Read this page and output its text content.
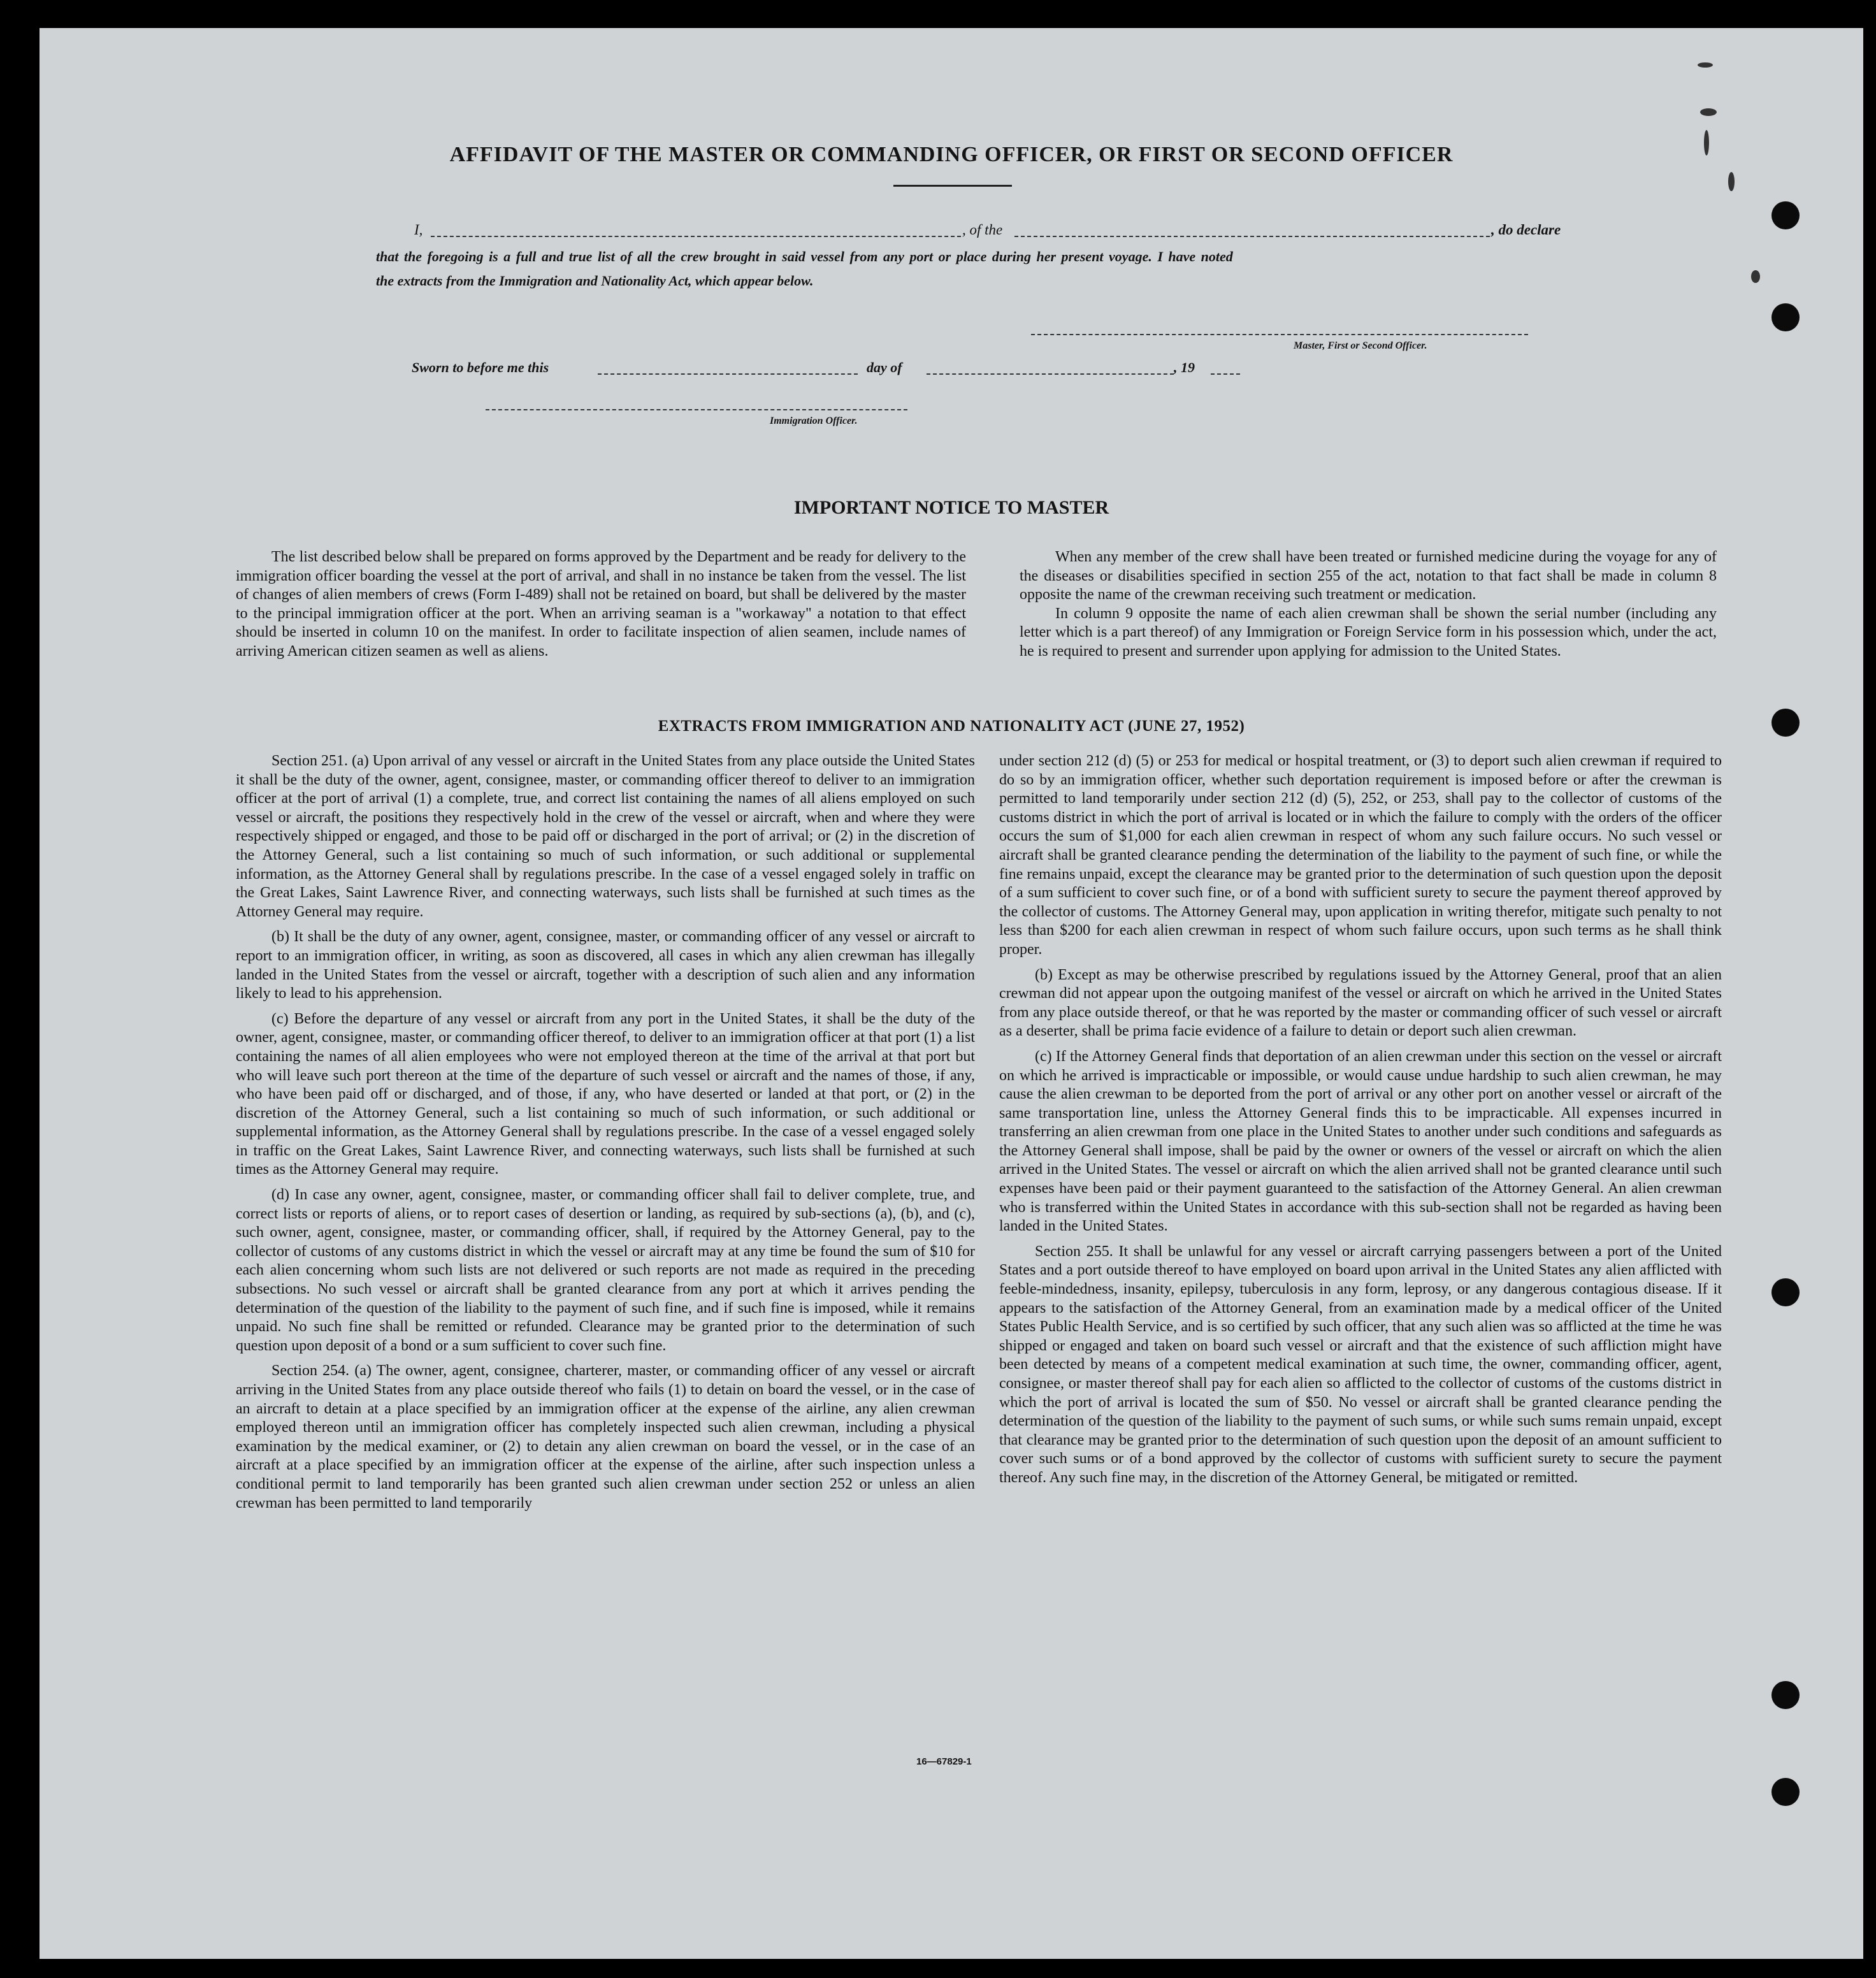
AFFIDAVIT OF THE MASTER OR COMMANDING OFFICER, OR FIRST OR SECOND OFFICER
I,	, of the	, do declare
that the foregoing is a full and true list of all the crew brought in said vessel from any port or place during her present voyage. I have noted
the extracts from the Immigration and Nationality Act, which appear below.
Master, First or Second Officer.
Sworn to before me this	day of	, 19
Immigration Officer.
IMPORTANT NOTICE TO MASTER

The list described below shall be prepared on forms approved by the Department and be ready for delivery to the immigration officer boarding the vessel at the port of arrival, and shall in no instance be taken from the vessel. The list of changes of alien members of crews (Form I-489) shall not be retained on board, but shall be delivered by the master to the principal immigration officer at the port. When an arriving seaman is a "workaway" a notation to that effect should be inserted in column 10 on the manifest. In order to facilitate inspection of alien seamen, include names of arriving American citizen seamen as well as aliens.

When any member of the crew shall have been treated or furnished medicine during the voyage for any of the diseases or disabilities specified in section 255 of the act, notation to that fact shall be made in column 8 opposite the name of the crewman receiving such treatment or medication.

In column 9 opposite the name of each alien crewman shall be shown the serial number (including any letter which is a part thereof) of any Immigration or Foreign Service form in his possession which, under the act, he is required to present and surrender upon applying for admission to the United States.

EXTRACTS FROM IMMIGRATION AND NATIONALITY ACT (JUNE 27, 1952)

Section 251. (a) Upon arrival of any vessel or aircraft in the United States from any place outside the United States it shall be the duty of the owner, agent, consignee, master, or commanding officer thereof to deliver to an immigration officer at the port of arrival (1) a complete, true, and correct list containing the names of all aliens employed on such vessel or aircraft, the positions they respectively hold in the crew of the vessel or aircraft, when and where they were respectively shipped or engaged, and those to be paid off or discharged in the port of arrival; or (2) in the discretion of the Attorney General, such a list containing so much of such information, or such additional or supplemental information, as the Attorney General shall by regulations prescribe. In the case of a vessel engaged solely in traffic on the Great Lakes, Saint Lawrence River, and connecting waterways, such lists shall be furnished at such times as the Attorney General may require.

(b) It shall be the duty of any owner, agent, consignee, master, or commanding officer of any vessel or aircraft to report to an immigration officer, in writing, as soon as discovered, all cases in which any alien crewman has illegally landed in the United States from the vessel or aircraft, together with a description of such alien and any information likely to lead to his apprehension.

(c) Before the departure of any vessel or aircraft from any port in the United States, it shall be the duty of the owner, agent, consignee, master, or commanding officer thereof, to deliver to an immigration officer at that port (1) a list containing the names of all alien employees who were not employed thereon at the time of the arrival at that port but who will leave such port thereon at the time of the departure of such vessel or aircraft and the names of those, if any, who have been paid off or discharged, and of those, if any, who have deserted or landed at that port, or (2) in the discretion of the Attorney General, such a list containing so much of such information, or such additional or supplemental information, as the Attorney General shall by regulations prescribe. In the case of a vessel engaged solely in traffic on the Great Lakes, Saint Lawrence River, and connecting waterways, such lists shall be furnished at such times as the Attorney General may require.

(d) In case any owner, agent, consignee, master, or commanding officer shall fail to deliver complete, true, and correct lists or reports of aliens, or to report cases of desertion or landing, as required by sub-sections (a), (b), and (c), such owner, agent, consignee, master, or commanding officer, shall, if required by the Attorney General, pay to the collector of customs of any customs district in which the vessel or aircraft may at any time be found the sum of $10 for each alien concerning whom such lists are not delivered or such reports are not made as required in the preceding subsections. No such vessel or aircraft shall be granted clearance from any port at which it arrives pending the determination of the question of the liability to the payment of such fine, and if such fine is imposed, while it remains unpaid. No such fine shall be remitted or refunded. Clearance may be granted prior to the determination of such question upon deposit of a bond or a sum sufficient to cover such fine.

Section 254. (a) The owner, agent, consignee, charterer, master, or commanding officer of any vessel or aircraft arriving in the United States from any place outside thereof who fails (1) to detain on board the vessel, or in the case of an aircraft to detain at a place specified by an immigration officer at the expense of the airline, any alien crewman employed thereon until an immigration officer has completely inspected such alien crewman, including a physical examination by the medical examiner, or (2) to detain any alien crewman on board the vessel, or in the case of an aircraft at a place specified by an immigration officer at the expense of the airline, after such inspection unless a conditional permit to land temporarily has been granted such alien crewman under section 252 or unless an alien crewman has been permitted to land temporarily

under section 212 (d) (5) or 253 for medical or hospital treatment, or (3) to deport such alien crewman if required to do so by an immigration officer, whether such deportation requirement is imposed before or after the crewman is permitted to land temporarily under section 212 (d) (5), 252, or 253, shall pay to the collector of customs of the customs district in which the port of arrival is located or in which the failure to comply with the orders of the officer occurs the sum of $1,000 for each alien crewman in respect of whom any such failure occurs. No such vessel or aircraft shall be granted clearance pending the determination of the liability to the payment of such fine, or while the fine remains unpaid, except the clearance may be granted prior to the determination of such question upon the deposit of a sum sufficient to cover such fine, or of a bond with sufficient surety to secure the payment thereof approved by the collector of customs. The Attorney General may, upon application in writing therefor, mitigate such penalty to not less than $200 for each alien crewman in respect of whom such failure occurs, upon such terms as he shall think proper.

(b) Except as may be otherwise prescribed by regulations issued by the Attorney General, proof that an alien crewman did not appear upon the outgoing manifest of the vessel or aircraft on which he arrived in the United States from any place outside thereof, or that he was reported by the master or commanding officer of such vessel or aircraft as a deserter, shall be prima facie evidence of a failure to detain or deport such alien crewman.

(c) If the Attorney General finds that deportation of an alien crewman under this section on the vessel or aircraft on which he arrived is impracticable or impossible, or would cause undue hardship to such alien crewman, he may cause the alien crewman to be deported from the port of arrival or any other port on another vessel or aircraft of the same transportation line, unless the Attorney General finds this to be impracticable. All expenses incurred in transferring an alien crewman from one place in the United States to another under such conditions and safeguards as the Attorney General shall impose, shall be paid by the owner or owners of the vessel or aircraft on which the alien arrived in the United States. The vessel or aircraft on which the alien arrived shall not be granted clearance until such expenses have been paid or their payment guaranteed to the satisfaction of the Attorney General. An alien crewman who is transferred within the United States in accordance with this sub-section shall not be regarded as having been landed in the United States.

Section 255. It shall be unlawful for any vessel or aircraft carrying passengers between a port of the United States and a port outside thereof to have employed on board upon arrival in the United States any alien afflicted with feeble-mindedness, insanity, epilepsy, tuberculosis in any form, leprosy, or any dangerous contagious disease. If it appears to the satisfaction of the Attorney General, from an examination made by a medical officer of the United States Public Health Service, and is so certified by such officer, that any such alien was so afflicted at the time he was shipped or engaged and taken on board such vessel or aircraft and that the existence of such affliction might have been detected by means of a competent medical examination at such time, the owner, commanding officer, agent, consignee, or master thereof shall pay for each alien so afflicted to the collector of customs of the customs district in which the port of arrival is located the sum of $50. No vessel or aircraft shall be granted clearance pending the determination of the question of the liability to the payment of such sums, or while such sums remain unpaid, except that clearance may be granted prior to the determination of such question upon the deposit of an amount sufficient to cover such sums or of a bond approved by the collector of customs with sufficient surety to secure the payment thereof. Any such fine may, in the discretion of the Attorney General, be mitigated or remitted.

16—67829-1
